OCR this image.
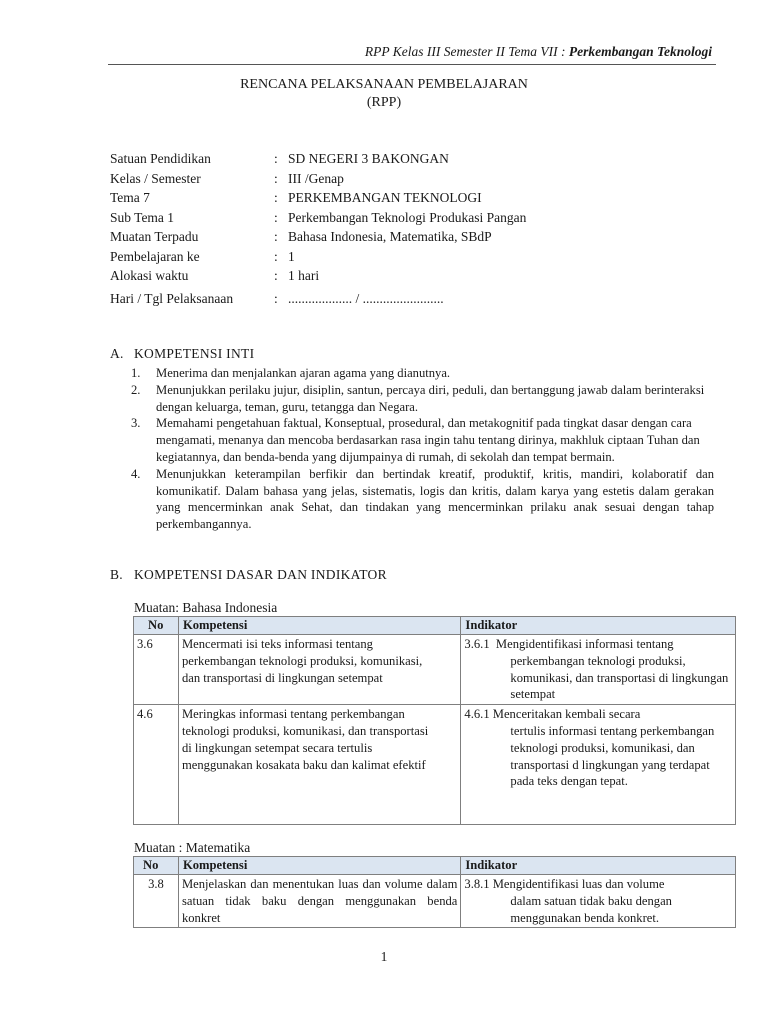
RPP Kelas III Semester II Tema VII : Perkembangan Teknologi
RENCANA PELAKSANAAN PEMBELAJARAN
(RPP)
Satuan Pendidikan	: SD NEGERI 3 BAKONGAN
Kelas / Semester	: III /Genap
Tema 7	: PERKEMBANGAN TEKNOLOGI
Sub Tema 1	: Perkembangan Teknologi Produkasi Pangan
Muatan Terpadu	: Bahasa Indonesia, Matematika, SBdP
Pembelajaran ke	: 1
Alokasi waktu	: 1 hari
Hari / Tgl Pelaksanaan	: ................... / ........................
A. KOMPETENSI INTI
1.	Menerima dan menjalankan ajaran agama yang dianutnya.
2.	Menunjukkan perilaku jujur, disiplin, santun, percaya diri, peduli, dan bertanggung jawab dalam berinteraksi dengan keluarga, teman, guru, tetangga dan Negara.
3.	Memahami pengetahuan faktual, Konseptual, prosedural, dan metakognitif pada tingkat dasar dengan cara mengamati, menanya dan mencoba berdasarkan rasa ingin tahu tentang dirinya, makhluk ciptaan Tuhan dan kegiatannya, dan benda-benda yang dijumpainya di rumah, di sekolah dan tempat bermain.
4.	Menunjukkan keterampilan berfikir dan bertindak kreatif, produktif, kritis, mandiri, kolaboratif dan komunikatif. Dalam bahasa yang jelas, sistematis, logis dan kritis, dalam karya yang estetis dalam gerakan yang mencerminkan anak Sehat, dan tindakan yang mencerminkan prilaku anak sesuai dengan tahap perkembangannya.
B. KOMPETENSI DASAR DAN INDIKATOR
Muatan: Bahasa Indonesia
No	Kompetensi	Indikator
3.6	Mencermati isi teks informasi tentang perkembangan teknologi produksi, komunikasi, dan transportasi di lingkungan setempat	3.6.1
Mengidentifikasi informasi tentang
perkembangan teknologi produksi, komunikasi, dan transportasi di lingkungan setempat

4.6	Meringkas informasi tentang perkembangan teknologi produksi, komunikasi, dan transportasi di lingkungan setempat secara tertulis menggunakan kosakata baku dan kalimat efektif	4.6.1
Menceritakan kembali secara
tertulis informasi tentang perkembangan teknologi produksi, komunikasi, dan transportasi d lingkungan yang terdapat pada teks dengan tepat.
Muatan : Matematika
No	Kompetensi	Indikator
3.8	Menjelaskan dan menentukan luas dan volume dalam satuan tidak baku dengan menggunakan benda konkret	3.8.1
Mengidentifikasi luas dan volume
dalam satuan tidak baku dengan menggunakan benda konkret.
1
